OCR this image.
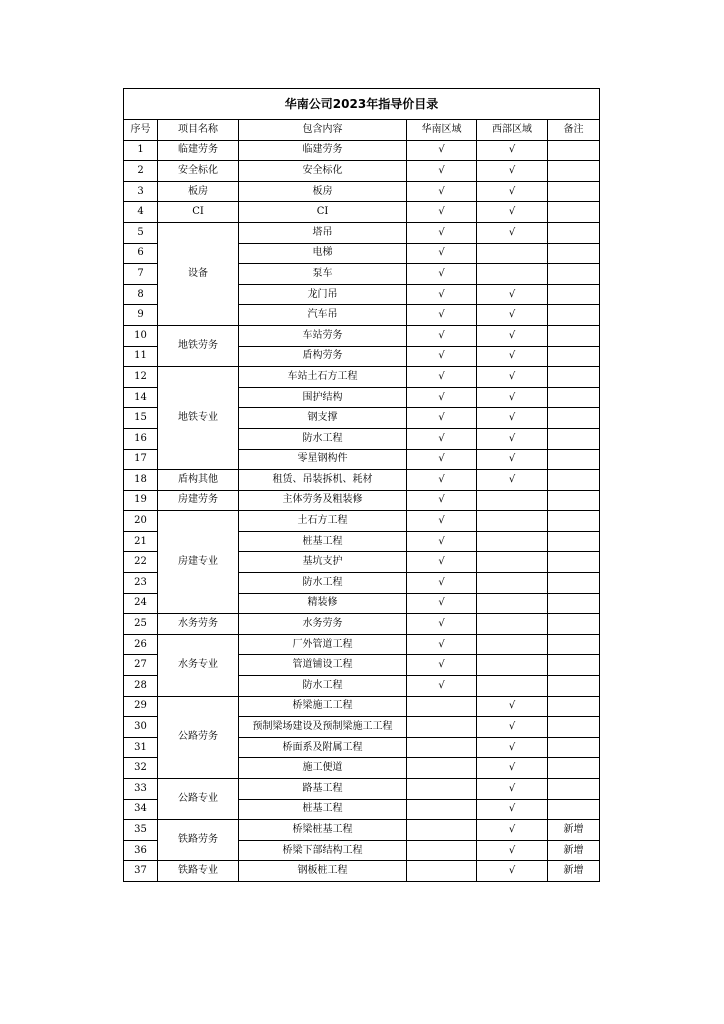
华南公司2023年指导价目录					
序号	项目名称	包含内容	华南区域	西部区域	备注
1	临建劳务	临建劳务	√	√	
2	安全标化	安全标化	√	√	
3	板房	板房	√	√	
4	CI	CI	√	√	
5	设备	塔吊	√	√	
6		电梯	√		
7		泵车	√		
8		龙门吊	√	√	
9		汽车吊	√	√	
10	地铁劳务	车站劳务	√	√	
11		盾构劳务	√	√	
12	地铁专业	车站土石方工程	√	√	
14		围护结构	√	√	
15		钢支撑	√	√	
16		防水工程	√	√	
17		零星钢构件	√	√	
18	盾构其他	租赁、吊装拆机、耗材	√	√	
19	房建劳务	主体劳务及粗装修	√		
20	房建专业	土石方工程	√		
21		桩基工程	√		
22		基坑支护	√		
23		防水工程	√		
24		精装修	√		
25	水务劳务	水务劳务	√		
26	水务专业	厂外管道工程	√		
27		管道铺设工程	√		
28		防水工程	√		
29	公路劳务	桥梁施工工程		√	
30		预制梁场建设及预制梁施工工程		√	
31		桥面系及附属工程		√	
32		施工便道		√	
33	公路专业	路基工程		√	
34		桩基工程		√	
35	铁路劳务	桥梁桩基工程		√	新增
36		桥梁下部结构工程		√	新增
37	铁路专业	钢板桩工程		√	新增
